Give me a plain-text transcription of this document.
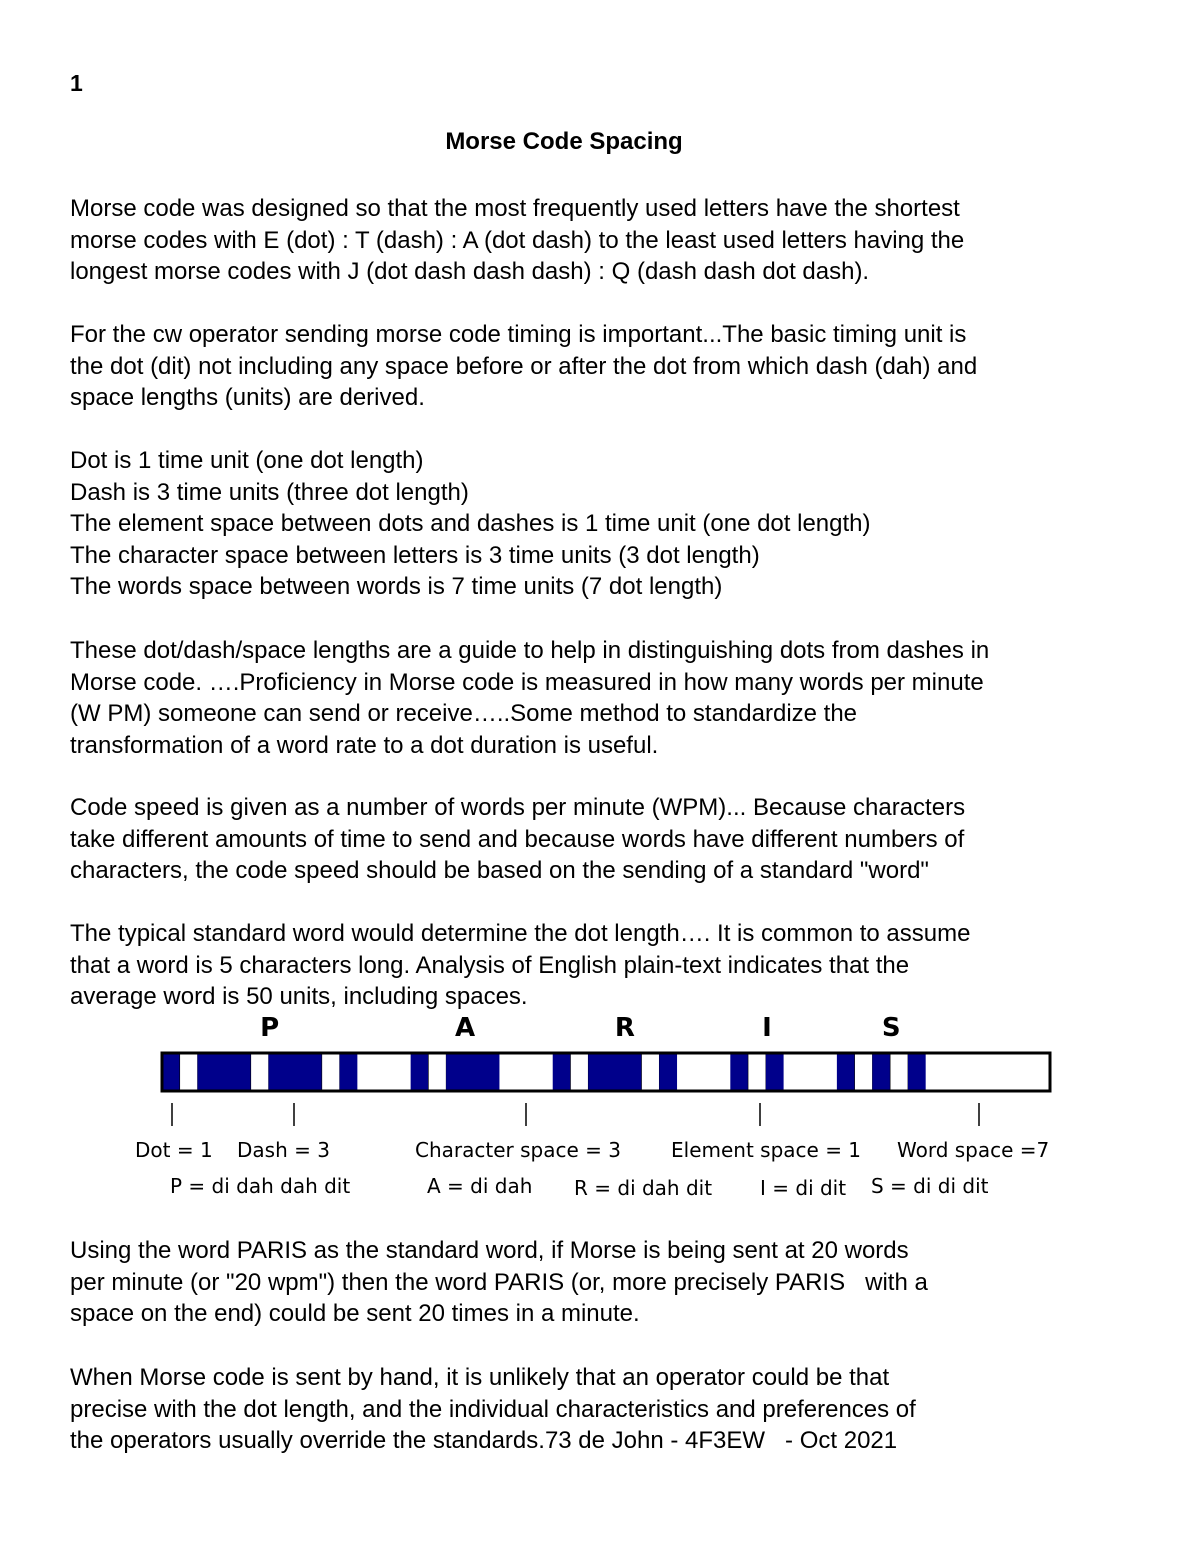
1
Morse Code Spacing
Morse code was designed so that the most frequently used letters have the shortest
morse codes with E (dot) : T (dash) : A (dot dash) to the least used letters having the
longest morse codes with J (dot dash dash dash) : Q (dash dash dot dash).
For the cw operator sending morse code timing is important...The basic timing unit is
the dot (dit) not including any space before or after the dot from which dash (dah) and
space lengths (units) are derived.
Dot is 1 time unit (one dot length)
Dash is 3 time units (three dot length)
The element space between dots and dashes is 1 time unit (one dot length)
The character space between letters is 3 time units (3 dot length)
The words space between words is 7 time units (7 dot length)
These dot/dash/space lengths are a guide to help in distinguishing dots from dashes in
Morse code. ….Proficiency in Morse code is measured in how many words per minute
(W PM) someone can send or receive…..Some method to standardize the
transformation of a word rate to a dot duration is useful.
Code speed is given as a number of words per minute (WPM)... Because characters
take different amounts of time to send and because words have different numbers of
characters, the code speed should be based on the sending of a standard "word"
The typical standard word would determine the dot length…. It is common to assume
that a word is 5 characters long. Analysis of English plain-text indicates that the
average word is 50 units, including spaces.
P	A	R	I	S
Dot = 1 Dash = 3	Character space = 3	Element space = 1 Word space =7
P = di dah dah dit	A = di dah R = di dah dit I = di dit S = di di dit
Using the word PARIS as the standard word, if Morse is being sent at 20 words
per minute (or "20 wpm") then the word PARIS (or, more precisely PARIS   with a
space on the end) could be sent 20 times in a minute.
When Morse code is sent by hand, it is unlikely that an operator could be that
precise with the dot length, and the individual characteristics and preferences of
the operators usually override the standards.73 de John - 4F3EW   - Oct 2021
